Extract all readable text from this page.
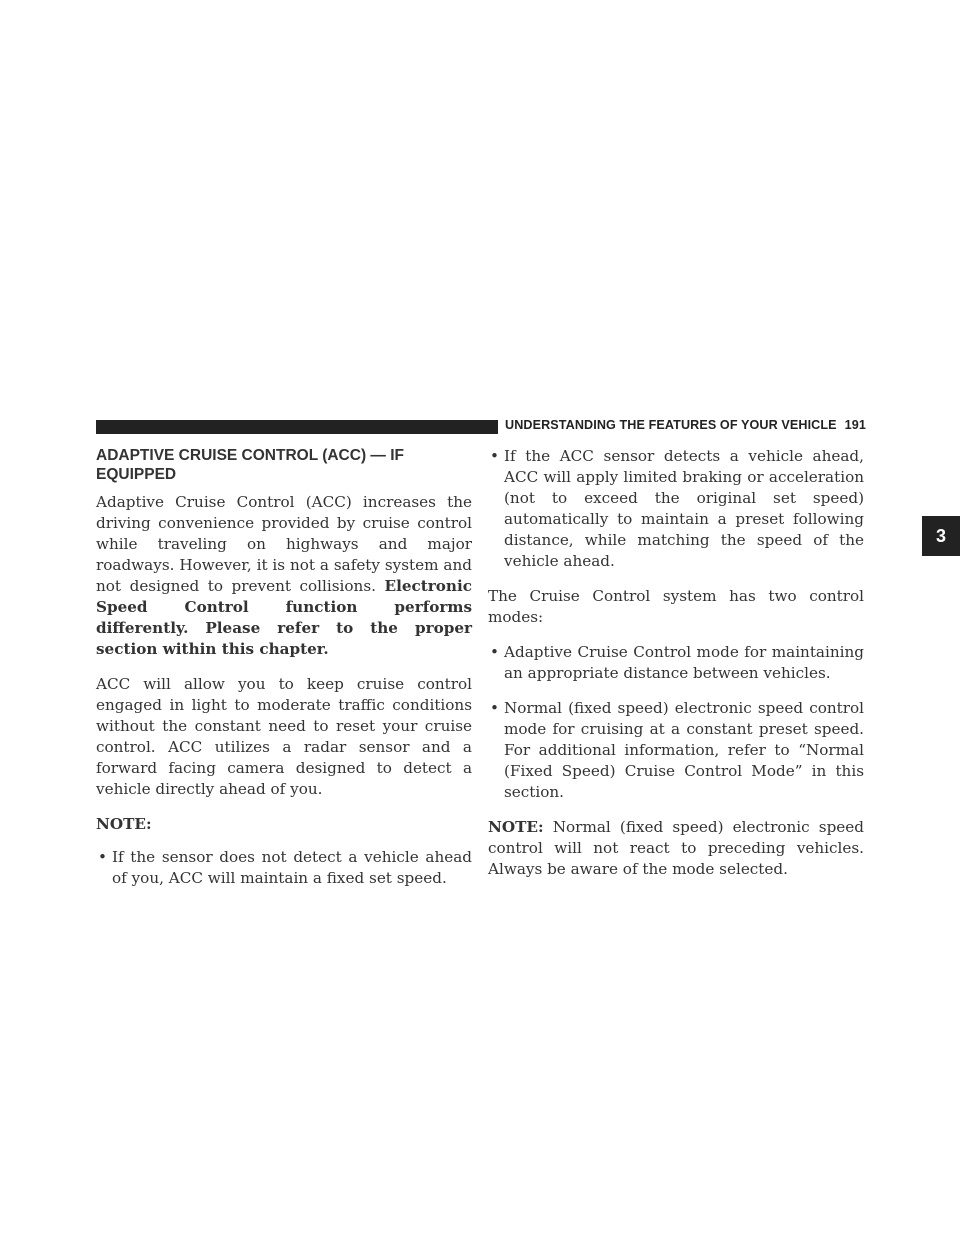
UNDERSTANDING THE FEATURES OF YOUR VEHICLE 191
3
ADAPTIVE CRUISE CONTROL (ACC) — IF EQUIPPED

Adaptive Cruise Control (ACC) increases the driving convenience provided by cruise control while traveling on highways and major roadways. However, it is not a safety system and not designed to prevent collisions. Electronic Speed Control function performs differently. Please refer to the proper section within this chapter.

ACC will allow you to keep cruise control engaged in light to moderate traffic conditions without the constant need to reset your cruise control. ACC utilizes a radar sensor and a forward facing camera designed to detect a vehicle directly ahead of you.

NOTE:

• If the sensor does not detect a vehicle ahead of you, ACC will maintain a fixed set speed.
• If the ACC sensor detects a vehicle ahead, ACC will apply limited braking or acceleration (not to exceed the original set speed) automatically to maintain a preset following distance, while matching the speed of the vehicle ahead.

The Cruise Control system has two control modes:

• Adaptive Cruise Control mode for maintaining an appropriate distance between vehicles.
• Normal (fixed speed) electronic speed control mode for cruising at a constant preset speed. For additional information, refer to “Normal (Fixed Speed) Cruise Control Mode” in this section.

NOTE: Normal (fixed speed) electronic speed control will not react to preceding vehicles. Always be aware of the mode selected.
